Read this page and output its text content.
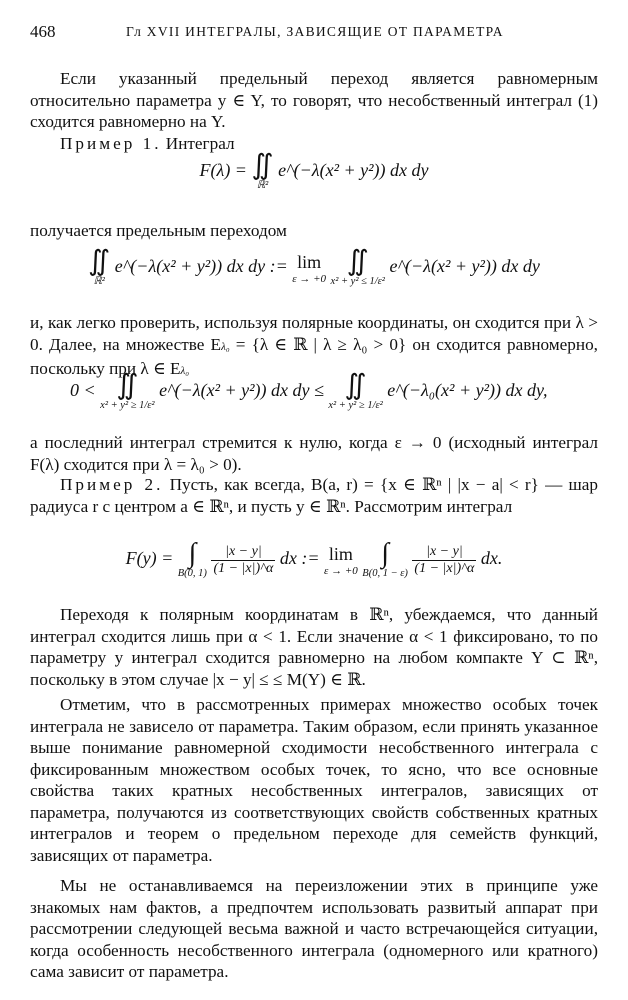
468	Гл XVII ИНТЕГРАЛЫ, ЗАВИСЯЩИЕ ОТ ПАРАМЕТРА

Если указанный предельный переход является равномерным относительно параметра y ∈ Y, то говорят, что несобственный интеграл (1) сходится равномерно на Y.

Пример 1. Интеграл

F(λ) = ∬
ℝ²
e^(−λ(x² + y²)) dx dy

получается предельным переходом

∬
ℝ²
e^(−λ(x² + y²)) dx dy := lim
ε → +0

∬
x² + y² ≤ 1/ε²
e^(−λ(x² + y²)) dx dy

и, как легко проверить, используя полярные координаты, он сходится при λ > 0. Далее, на множестве Eλ₀ = {λ ∈ ℝ | λ ≥ λ₀ > 0} он сходится равномерно, поскольку при λ ∈ Eλ₀

0 < ∬
x² + y² ≥ 1/ε²
e^(−λ(x² + y²)) dx dy ≤ ∬
x² + y² ≥ 1/ε²
e^(−λ₀(x² + y²)) dx dy,

а последний интеграл стремится к нулю, когда ε → 0 (исходный интеграл F(λ) сходится при λ = λ₀ > 0).

Пример 2. Пусть, как всегда, B(a, r) = {x ∈ ℝⁿ | |x − a| < r} — шар радиуса r с центром a ∈ ℝⁿ, и пусть y ∈ ℝⁿ. Рассмотрим интеграл

F(y) = ∫
B(0, 1)
$\frac{|x - y|}{(1 - |x|)\^{}\alpha}$ dx := lim
ε → +0

∫
B(0, 1 − ε)
$\frac{|x - y|}{(1 - |x|)\^{}\alpha}$ dx.

Переходя к полярным координатам в ℝⁿ, убеждаемся, что данный интеграл сходится лишь при α < 1. Если значение α < 1 фиксировано, то по параметру y интеграл сходится равномерно на любом компакте Y ⊂ ℝⁿ, поскольку в этом случае |x − y| ≤ ≤ M(Y) ∈ ℝ.

Отметим, что в рассмотренных примерах множество особых точек интеграла не зависело от параметра. Таким образом, если принять указанное выше понимание равномерной сходимости несобственного интеграла с фиксированным множеством особых точек, то ясно, что все основные свойства таких кратных несобственных интегралов, зависящих от параметра, получаются из соответствующих свойств собственных кратных интегралов и теорем о предельном переходе для семейств функций, зависящих от параметра.

Мы не останавливаемся на переизложении этих в принципе уже знакомых нам фактов, а предпочтем использовать развитый аппарат при рассмотрении следующей весьма важной и часто встречающейся ситуации, когда особенность несобственного интеграла (одномерного или кратного) сама зависит от параметра.
